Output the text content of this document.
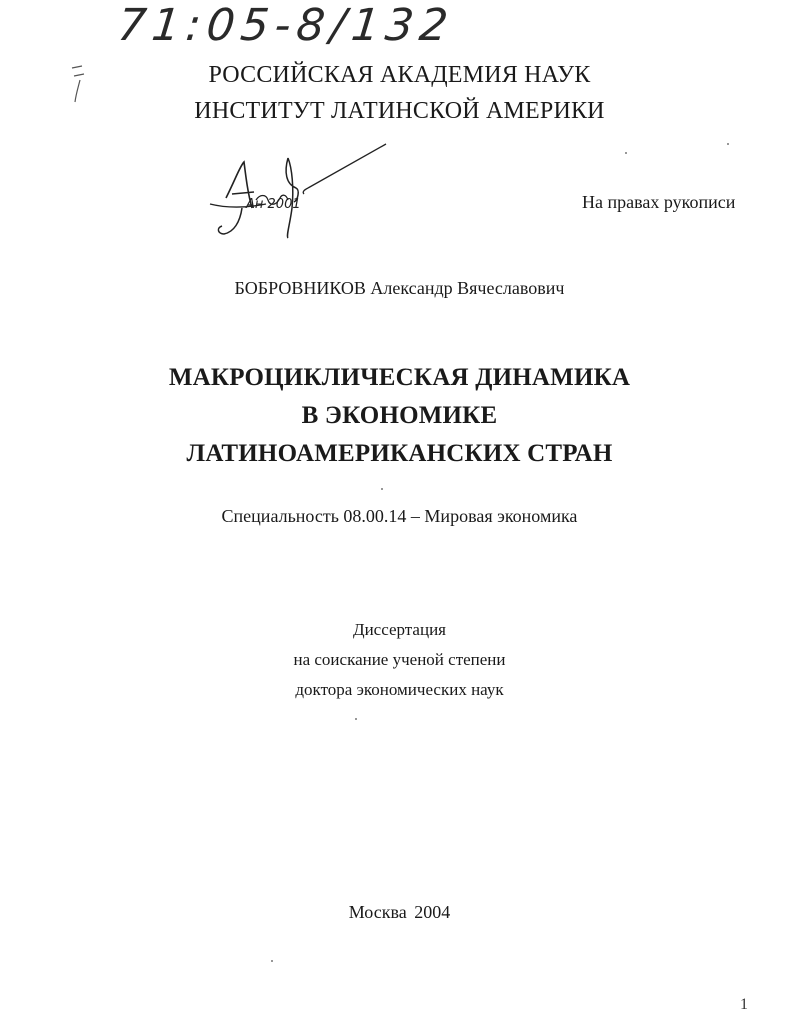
71:05-8/132
РОССИЙСКАЯ АКАДЕМИЯ НАУК
ИНСТИТУТ ЛАТИНСКОЙ АМЕРИКИ
Ан 2001	На правах рукописи
БОБРОВНИКОВ Александр Вячеславович
МАКРОЦИКЛИЧЕСКАЯ ДИНАМИКА
В ЭКОНОМИКЕ
ЛАТИНОАМЕРИКАНСКИХ СТРАН
Специальность 08.00.14 – Мировая экономика
Диссертация
на соискание ученой степени
доктора экономических наук
Москва 2004
1
